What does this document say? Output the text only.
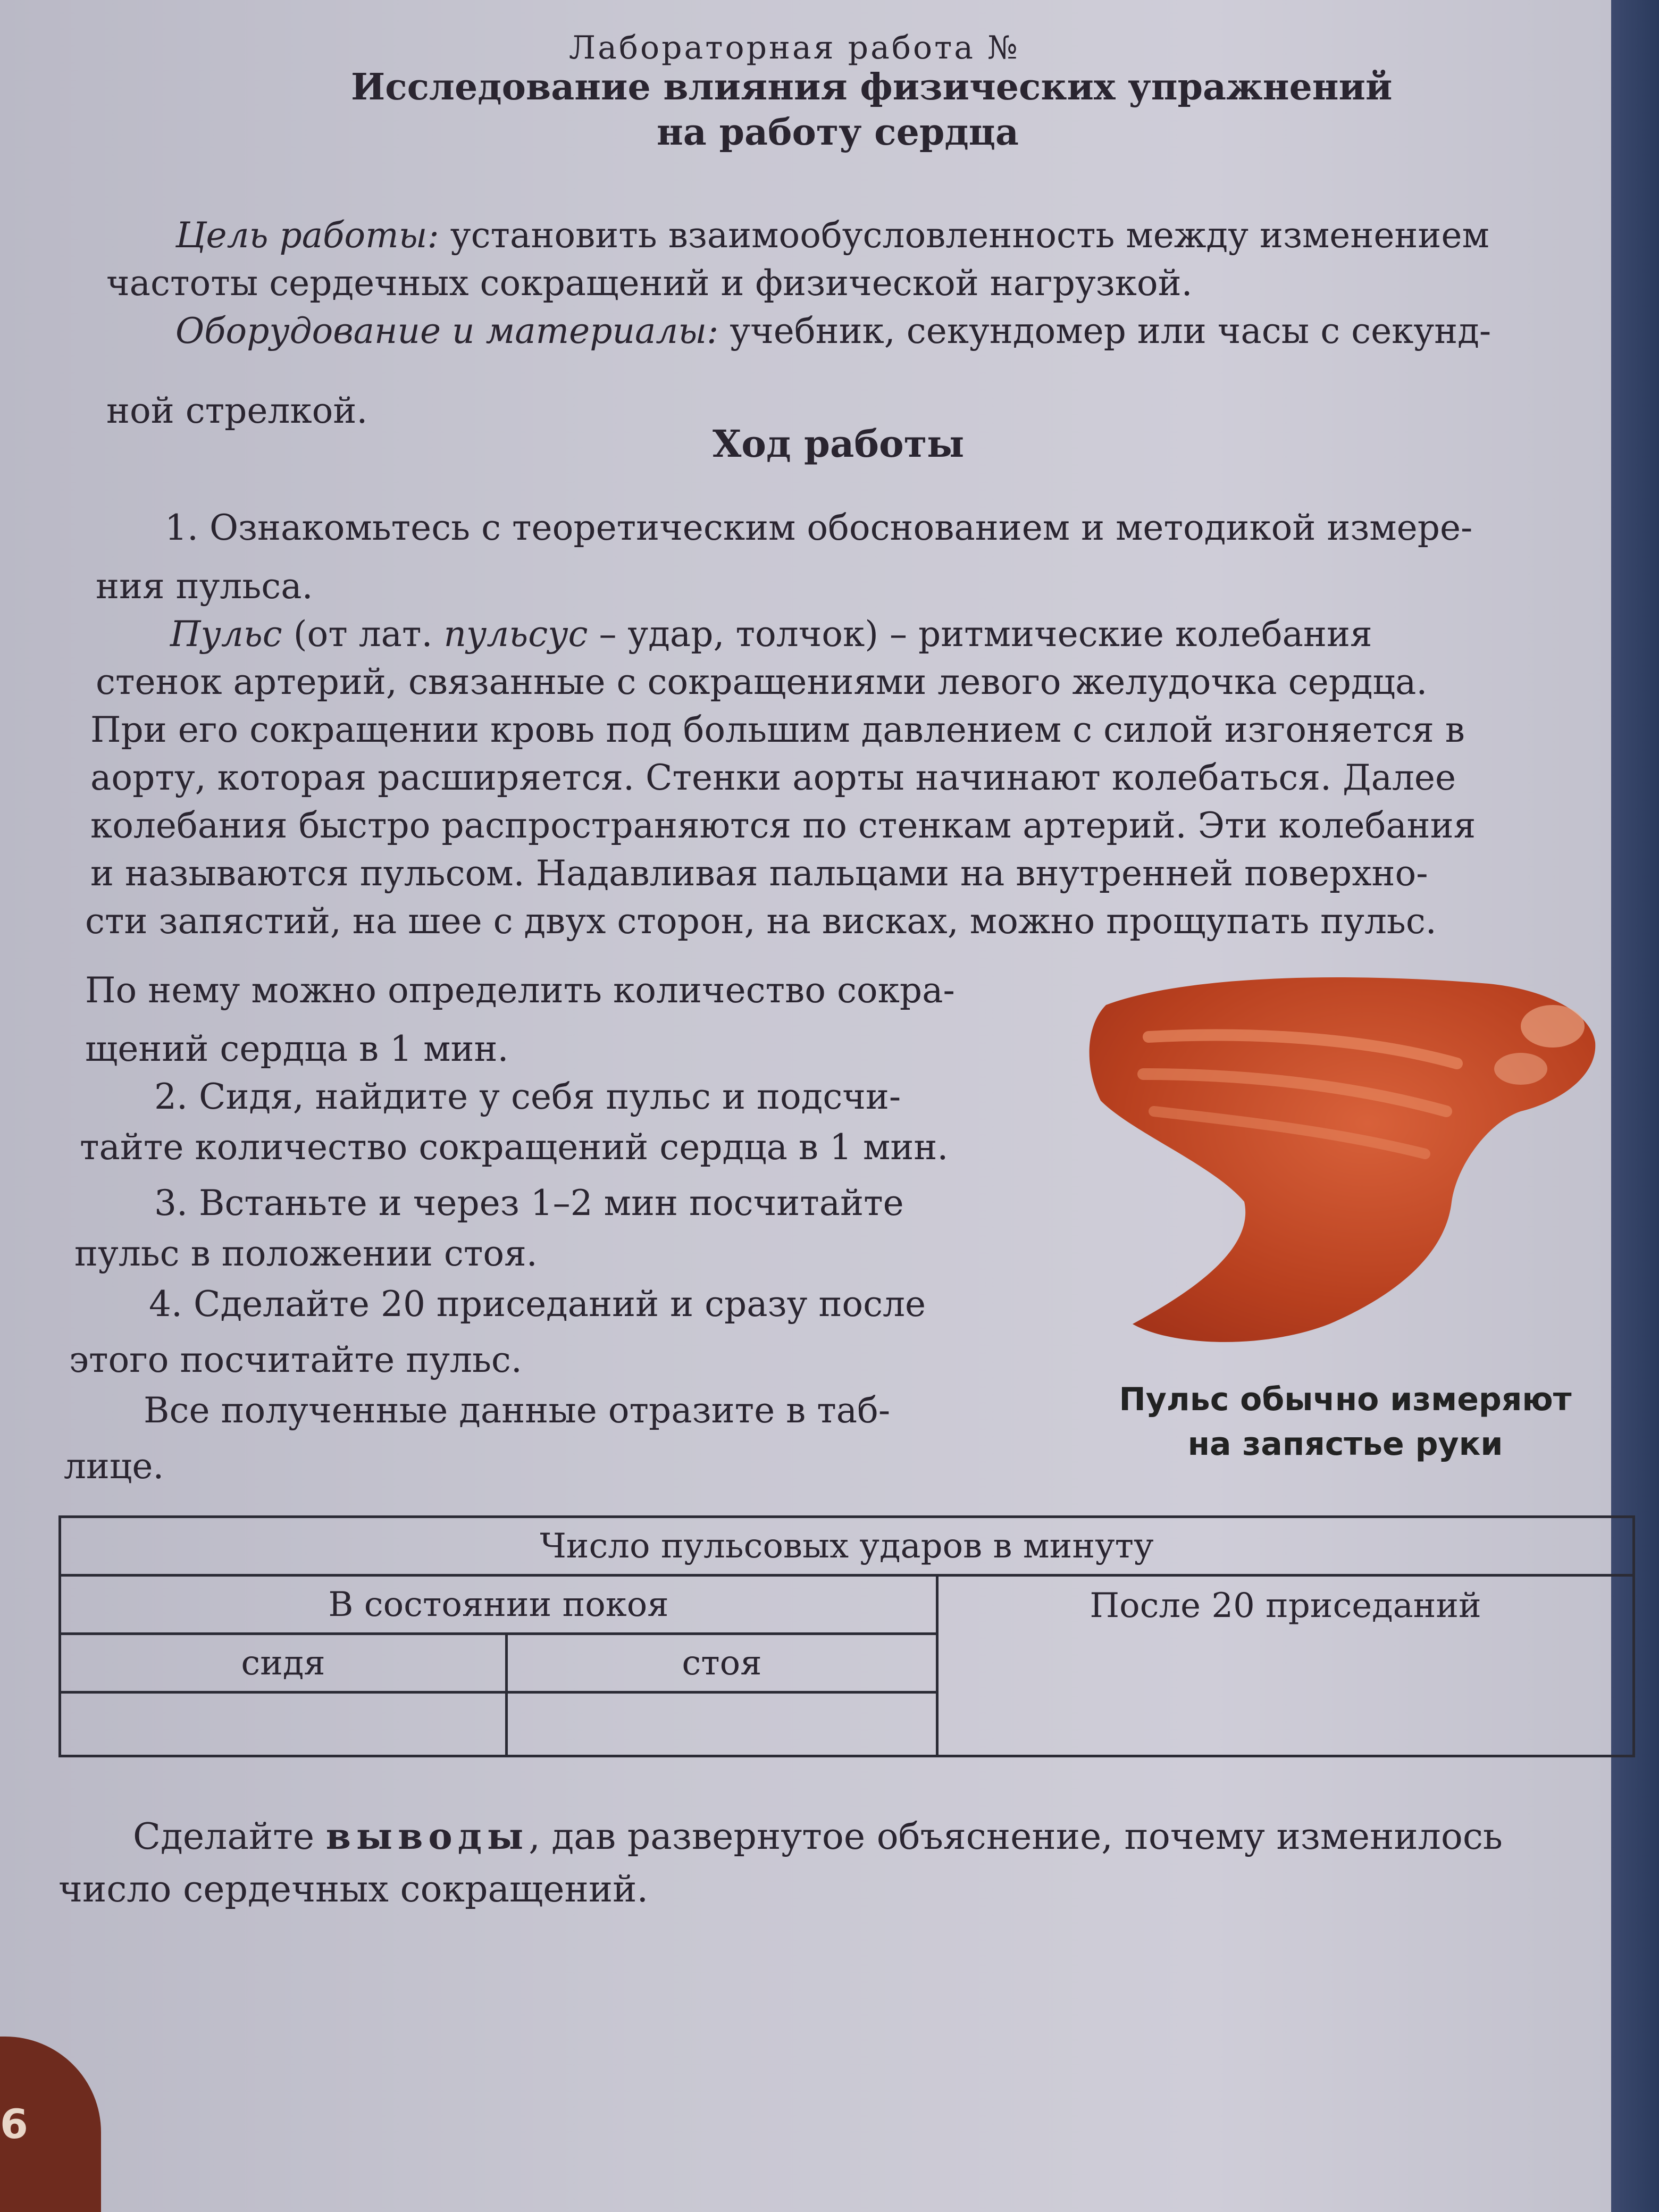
Лабораторная работа №
Исследование влияния физических упражнений
на работу сердца
Цель работы: установить взаимообусловленность между изменением
частоты сердечных сокращений и физической нагрузкой.
Оборудование и материалы: учебник, секундомер или часы с секунд-
ной стрелкой.
Ход работы
1. Ознакомьтесь с теоретическим обоснованием и методикой измере-
ния пульса.
Пульс (от лат. пульсус – удар, толчок) – ритмические колебания
стенок артерий, связанные с сокращениями левого желудочка сердца.
При его сокращении кровь под большим давлением с силой изгоняется в
аорту, которая расширяется. Стенки аорты начинают колебаться. Далее
колебания быстро распространяются по стенкам артерий. Эти колебания
и называются пульсом. Надавливая пальцами на внутренней поверхно-
сти запястий, на шее с двух сторон, на висках, можно прощупать пульс.
По нему можно определить количество сокра-
щений сердца в 1 мин.
2. Сидя, найдите у себя пульс и подсчи-
тайте количество сокращений сердца в 1 мин.
3. Встаньте и через 1–2 мин посчитайте
пульс в положении стоя.
4. Сделайте 20 приседаний и сразу после
этого посчитайте пульс.
Все полученные данные отразите в таб-
лице.
Пульс обычно измеряют
на запястье руки
Число пульсовых ударов в минуту		
В состоянии покоя		После 20 приседаний
сидя	стоя	

Сделайте выводы, дав развернутое объяснение, почему изменилось
число сердечных сокращений.
6
